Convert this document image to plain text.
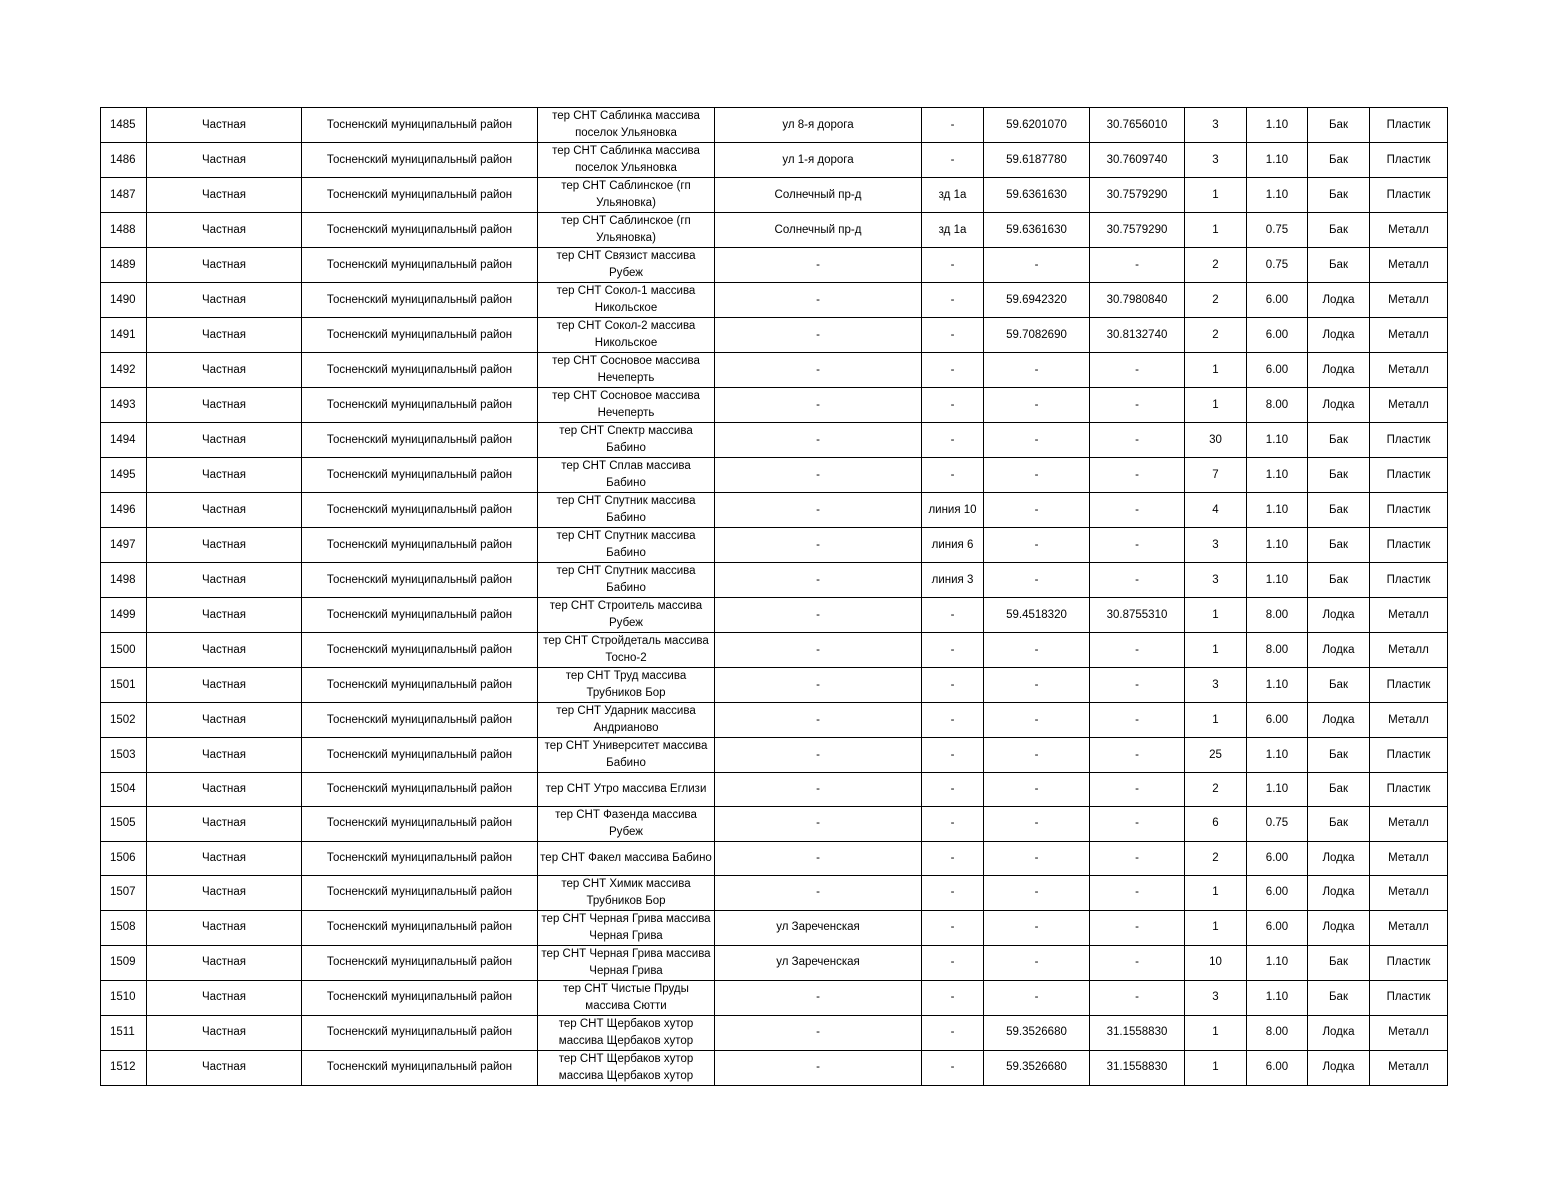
1485	Частная	Тосненский муниципальный район	тер СНТ Саблинка массива поселок Ульяновка	ул 8-я дорога	-	59.6201070	30.7656010	3	1.10	Бак	Пластик
1486	Частная	Тосненский муниципальный район	тер СНТ Саблинка массива поселок Ульяновка	ул 1-я дорога	-	59.6187780	30.7609740	3	1.10	Бак	Пластик
1487	Частная	Тосненский муниципальный район	тер СНТ Саблинское (гп Ульяновка)	Солнечный пр-д	зд 1а	59.6361630	30.7579290	1	1.10	Бак	Пластик
1488	Частная	Тосненский муниципальный район	тер СНТ Саблинское (гп Ульяновка)	Солнечный пр-д	зд 1а	59.6361630	30.7579290	1	0.75	Бак	Металл
1489	Частная	Тосненский муниципальный район	тер СНТ Связист массива Рубеж	-	-	-	-	2	0.75	Бак	Металл
1490	Частная	Тосненский муниципальный район	тер СНТ Сокол-1 массива Никольское	-	-	59.6942320	30.7980840	2	6.00	Лодка	Металл
1491	Частная	Тосненский муниципальный район	тер СНТ Сокол-2 массива Никольское	-	-	59.7082690	30.8132740	2	6.00	Лодка	Металл
1492	Частная	Тосненский муниципальный район	тер СНТ Сосновое массива Нечеперть	-	-	-	-	1	6.00	Лодка	Металл
1493	Частная	Тосненский муниципальный район	тер СНТ Сосновое массива Нечеперть	-	-	-	-	1	8.00	Лодка	Металл
1494	Частная	Тосненский муниципальный район	тер СНТ Спектр массива Бабино	-	-	-	-	30	1.10	Бак	Пластик
1495	Частная	Тосненский муниципальный район	тер СНТ Сплав массива Бабино	-	-	-	-	7	1.10	Бак	Пластик
1496	Частная	Тосненский муниципальный район	тер СНТ Спутник массива Бабино	-	линия 10	-	-	4	1.10	Бак	Пластик
1497	Частная	Тосненский муниципальный район	тер СНТ Спутник массива Бабино	-	линия 6	-	-	3	1.10	Бак	Пластик
1498	Частная	Тосненский муниципальный район	тер СНТ Спутник массива Бабино	-	линия 3	-	-	3	1.10	Бак	Пластик
1499	Частная	Тосненский муниципальный район	тер СНТ Строитель массива Рубеж	-	-	59.4518320	30.8755310	1	8.00	Лодка	Металл
1500	Частная	Тосненский муниципальный район	тер СНТ Стройдеталь массива Тосно-2	-	-	-	-	1	8.00	Лодка	Металл
1501	Частная	Тосненский муниципальный район	тер СНТ Труд массива Трубников Бор	-	-	-	-	3	1.10	Бак	Пластик
1502	Частная	Тосненский муниципальный район	тер СНТ Ударник массива Андрианово	-	-	-	-	1	6.00	Лодка	Металл
1503	Частная	Тосненский муниципальный район	тер СНТ Университет массива Бабино	-	-	-	-	25	1.10	Бак	Пластик
1504	Частная	Тосненский муниципальный район	тер СНТ Утро массива Еглизи	-	-	-	-	2	1.10	Бак	Пластик
1505	Частная	Тосненский муниципальный район	тер СНТ Фазенда массива Рубеж	-	-	-	-	6	0.75	Бак	Металл
1506	Частная	Тосненский муниципальный район	тер СНТ Факел массива Бабино	-	-	-	-	2	6.00	Лодка	Металл
1507	Частная	Тосненский муниципальный район	тер СНТ Химик массива Трубников Бор	-	-	-	-	1	6.00	Лодка	Металл
1508	Частная	Тосненский муниципальный район	тер СНТ Черная Грива массива Черная Грива	ул Зареченская	-	-	-	1	6.00	Лодка	Металл
1509	Частная	Тосненский муниципальный район	тер СНТ Черная Грива массива Черная Грива	ул Зареченская	-	-	-	10	1.10	Бак	Пластик
1510	Частная	Тосненский муниципальный район	тер СНТ Чистые Пруды массива Сютти	-	-	-	-	3	1.10	Бак	Пластик
1511	Частная	Тосненский муниципальный район	тер СНТ Щербаков хутор массива Щербаков хутор	-	-	59.3526680	31.1558830	1	8.00	Лодка	Металл
1512	Частная	Тосненский муниципальный район	тер СНТ Щербаков хутор массива Щербаков хутор	-	-	59.3526680	31.1558830	1	6.00	Лодка	Металл
